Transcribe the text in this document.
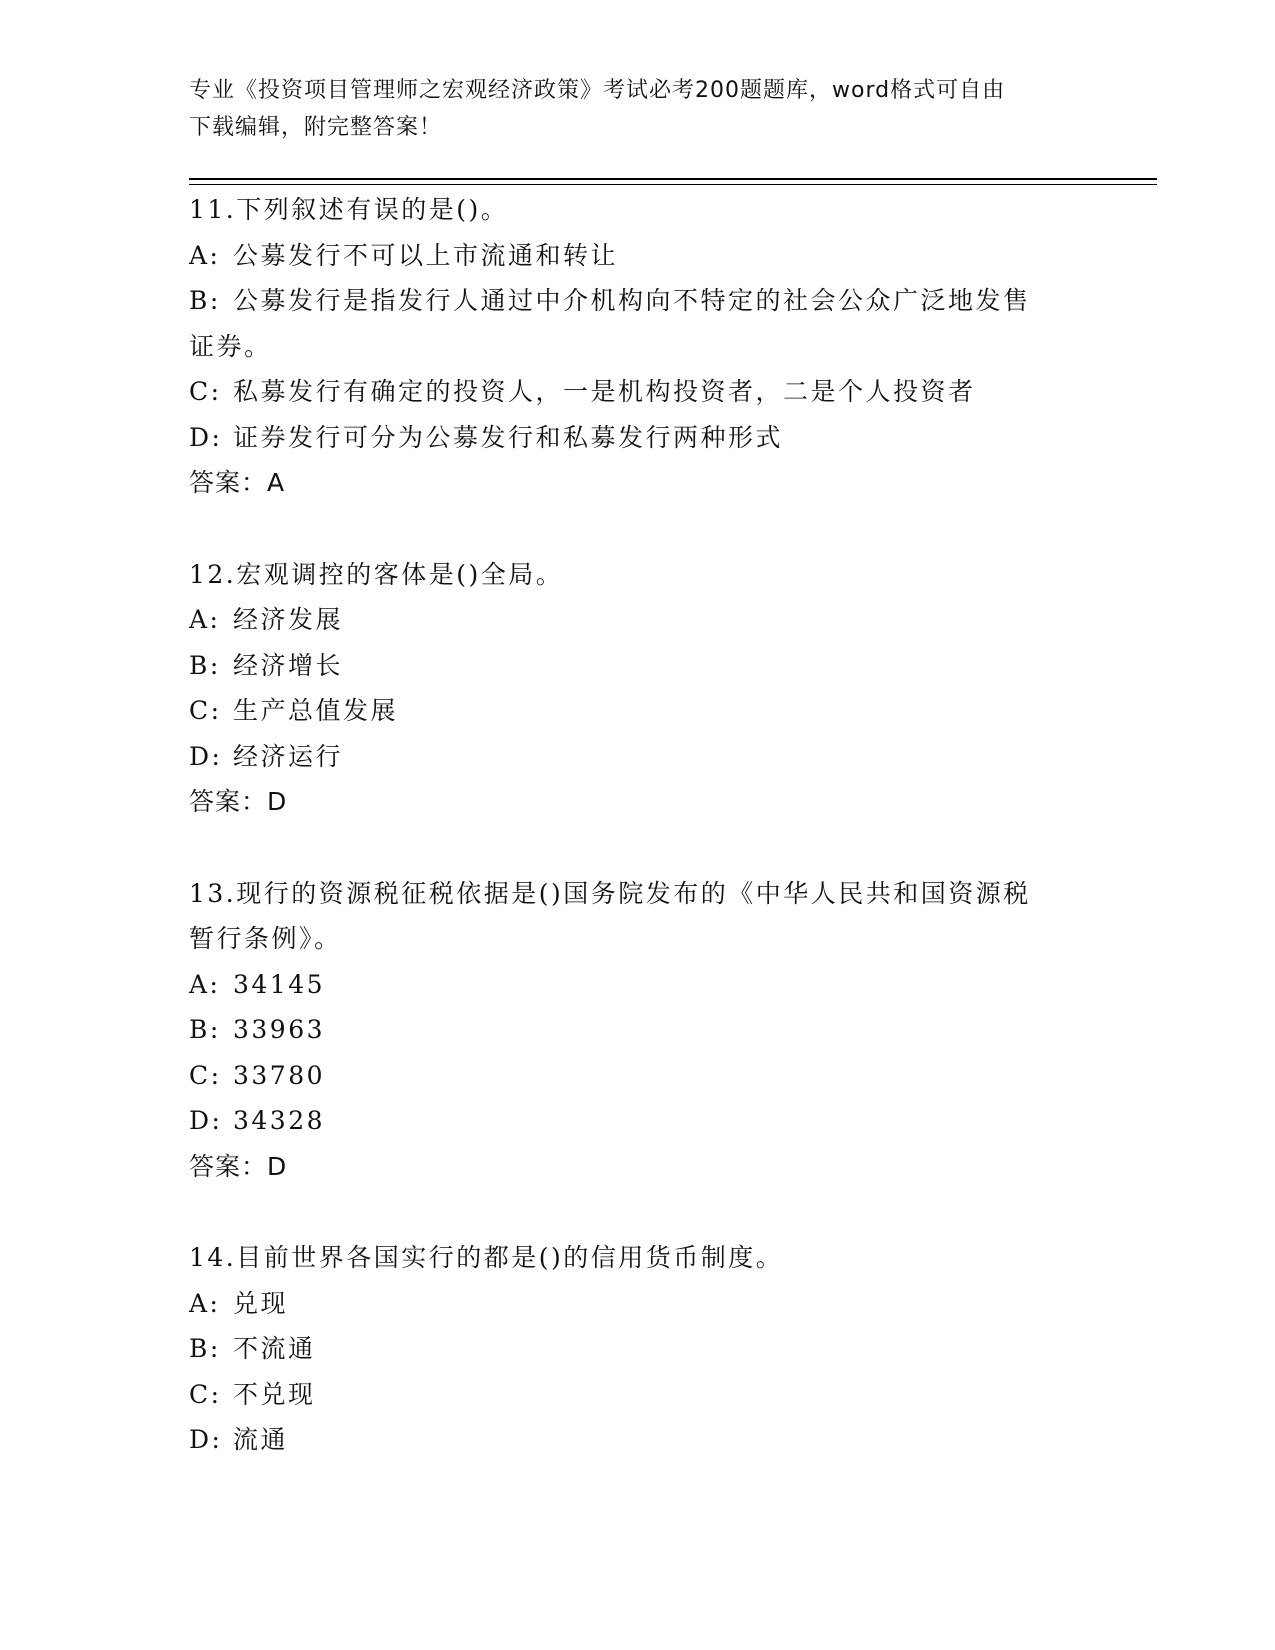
专业《投资项目管理师之宏观经济政策》考试必考200题题库，word格式可自由
下载编辑，附完整答案！
11.下列叙述有误的是()。
A: 公募发行不可以上市流通和转让
B: 公募发行是指发行人通过中介机构向不特定的社会公众广泛地发售
证券。
C: 私募发行有确定的投资人，一是机构投资者，二是个人投资者
D: 证券发行可分为公募发行和私募发行两种形式
答案：A
12.宏观调控的客体是()全局。
A: 经济发展
B: 经济增长
C: 生产总值发展
D: 经济运行
答案：D
13.现行的资源税征税依据是()国务院发布的《中华人民共和国资源税
暂行条例》。
A: 34145
B: 33963
C: 33780
D: 34328
答案：D
14.目前世界各国实行的都是()的信用货币制度。
A: 兑现
B: 不流通
C: 不兑现
D: 流通
